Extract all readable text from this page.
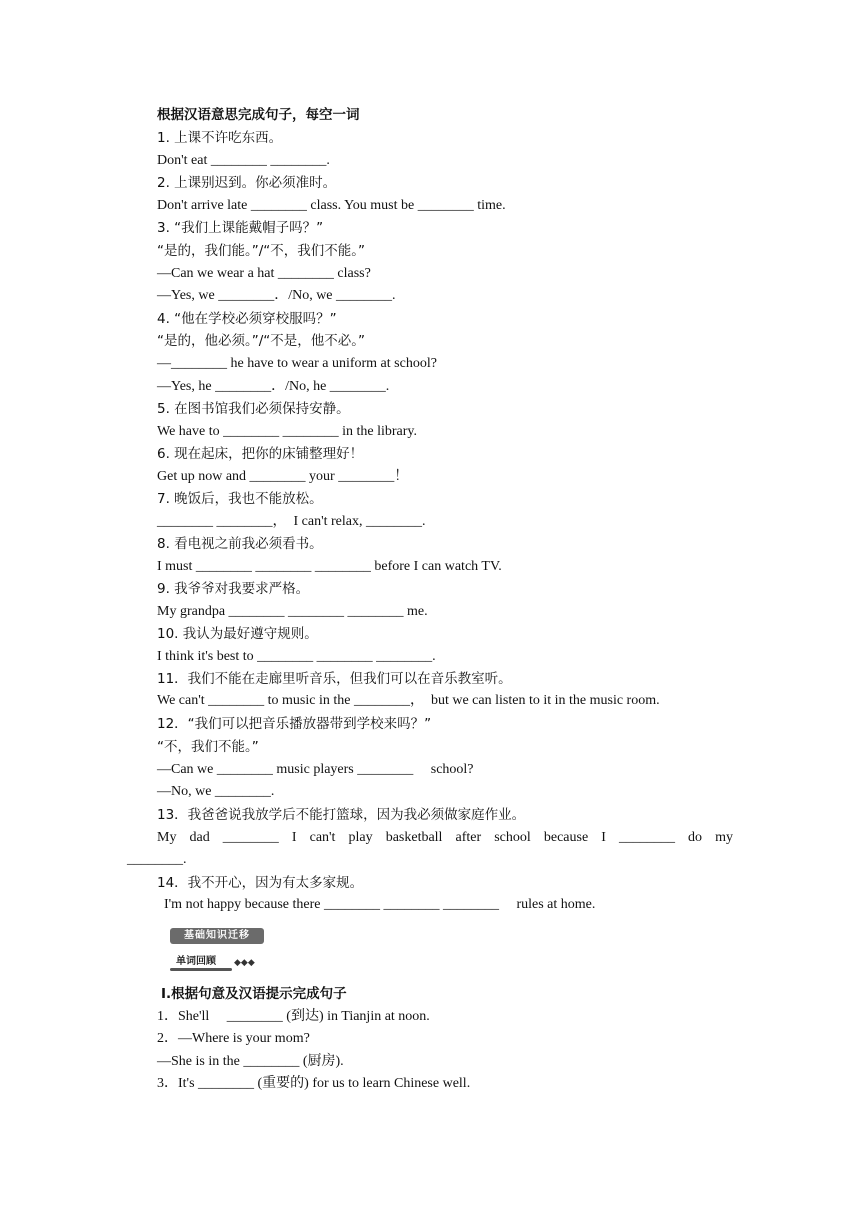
根据汉语意思完成句子，每空一词
1. 上课不许吃东西。
Don't eat ________ ________.
2. 上课别迟到。你必须准时。
Don't arrive late ________ class. You must be ________ time.
3. “我们上课能戴帽子吗？”
“是的，我们能。”/“不，我们不能。”
—Can we wear a hat ________ class?
—Yes, we ________．/No, we ________.
4. “他在学校必须穿校服吗？”
“是的，他必须。”/“不是，他不必。”
—________ he have to wear a uniform at school?
—Yes, he ________．/No, he ________.
5. 在图书馆我们必须保持安静。
We have to ________ ________ in the library.
6. 现在起床，把你的床铺整理好！
Get up now and ________ your ________！
7. 晚饭后，我也不能放松。
________ ________，　I can't relax, ________.
8. 看电视之前我必须看书。
I must ________ ________ ________ before I can watch TV.
9. 我爷爷对我要求严格。
My grandpa ________ ________ ________ me.
10. 我认为最好遵守规则。
I think it's best to ________ ________ ________.
11．我们不能在走廊里听音乐，但我们可以在音乐教室听。
We can't ________ to music in the ________，　but we can listen to it in the music room.
12．“我们可以把音乐播放器带到学校来吗？”
“不，我们不能。”
—Can we ________ music players ________　 school?
—No, we ________.
13．我爸爸说我放学后不能打篮球，因为我必须做家庭作业。
My dad ________ I can't play basketball after school because I ________ do my
________.
14．我不开心，因为有太多家规。
I'm not happy because there ________ ________ ________　 rules at home.
基础知识迁移
单词回顾 ◆◆◆
Ⅰ.根据句意及汉语提示完成句子
1．She'll　 ________ (到达) in Tianjin at noon.
2．—Where is your mom?
—She is in the ________ (厨房).
3．It's ________ (重要的) for us to learn Chinese well.
